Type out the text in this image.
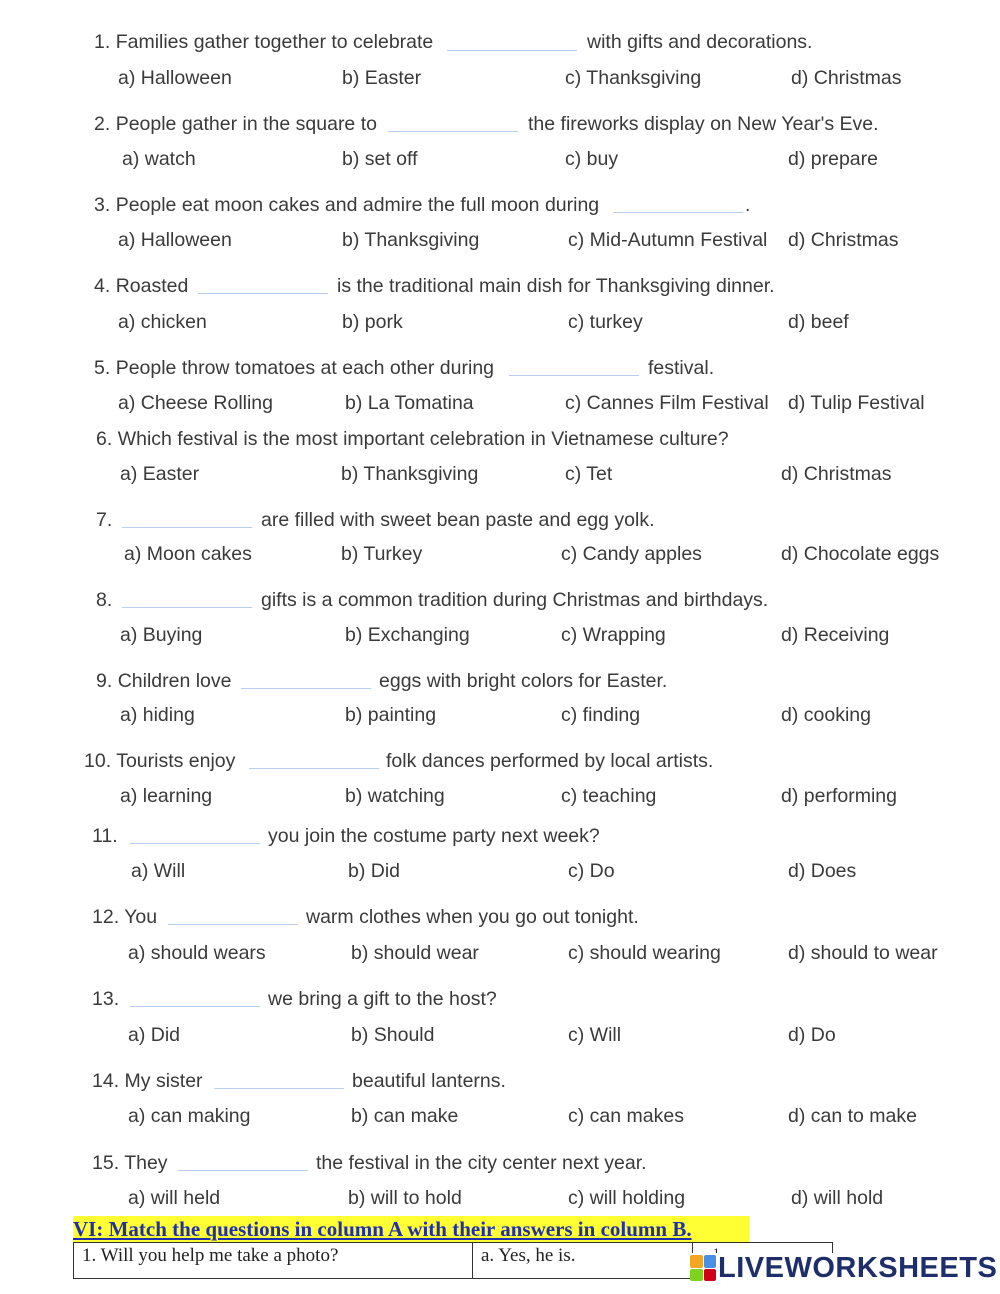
1. Families gather together to celebrate	with gifts and decorations.
a) Halloween	b) Easter	c) Thanksgiving	d) Christmas
2. People gather in the square to	the fireworks display on New Year's Eve.
a) watch	b) set off	c) buy	d) prepare
3. People eat moon cakes and admire the full moon during	.
a) Halloween	b) Thanksgiving	c) Mid-Autumn Festival d) Christmas
4. Roasted	is the traditional main dish for Thanksgiving dinner.
a) chicken	b) pork	c) turkey	d) beef
5. People throw tomatoes at each other during	festival.
a) Cheese Rolling	b) La Tomatina	c) Cannes Film Festival d) Tulip Festival
6. Which festival is the most important celebration in Vietnamese culture?
a) Easter	b) Thanksgiving	c) Tet	d) Christmas
7.	are filled with sweet bean paste and egg yolk.
a) Moon cakes	b) Turkey	c) Candy apples	d) Chocolate eggs
8.	gifts is a common tradition during Christmas and birthdays.
a) Buying	b) Exchanging	c) Wrapping	d) Receiving
9. Children love	eggs with bright colors for Easter.
a) hiding	b) painting	c) finding	d) cooking
10. Tourists enjoy	folk dances performed by local artists.
a) learning	b) watching	c) teaching	d) performing
11.	you join the costume party next week?
a) Will	b) Did	c) Do	d) Does
12. You	warm clothes when you go out tonight.
a) should wears	b) should wear	c) should wearing	d) should to wear
13.	we bring a gift to the host?
a) Did	b) Should	c) Will	d) Do
14. My sister	beautiful lanterns.
a) can making	b) can make	c) can makes	d) can to make
15. They	the festival in the city center next year.
a) will held	b) will to hold	c) will holding	d) will hold
VI: Match the questions in column A with their answers in column B.
1. Will you help me take a photo?	a. Yes, he is.		LIVEWORKSHEETS
